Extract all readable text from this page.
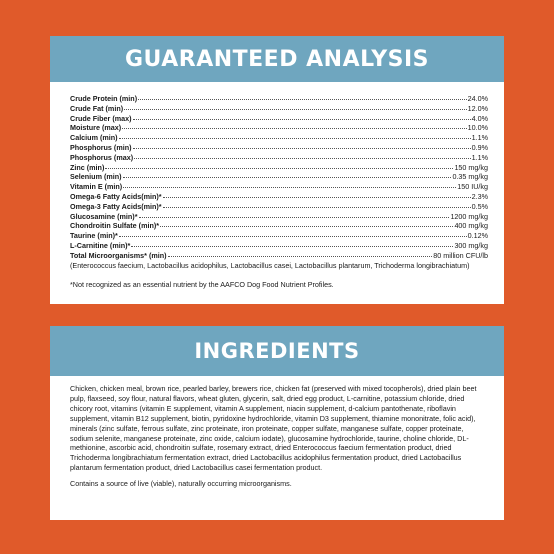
GUARANTEED ANALYSIS
Crude Protein (min)	24.0%
Crude Fat (min)	12.0%
Crude Fiber (max)	4.0%
Moisture (max)	10.0%
Calcium (min)	1.1%
Phosphorus (min)	0.9%
Phosphorus (max)	1.1%
Zinc (min)	150 mg/kg
Selenium (min)	0.35 mg/kg
Vitamin E (min)	150 IU/kg
Omega-6 Fatty Acids(min)*	2.3%
Omega-3 Fatty Acids(min)*	0.5%
Glucosamine (min)*	1200 mg/kg
Chondroitin Sulfate (min)*	400 mg/kg
Taurine (min)*	0.12%
L-Carnitine (min)*	300 mg/kg
Total Microorganisms* (min)	80 million CFU/lb

(Enterococcus faecium, Lactobacillus acidophilus, Lactobacillus casei, Lactobacillus plantarum, Trichoderma longibrachiatum)

*Not recognized as an essential nutrient by the AAFCO Dog Food Nutrient Profiles.

INGREDIENTS

Chicken, chicken meal, brown rice, pearled barley, brewers rice, chicken fat (preserved with mixed tocopherols), dried plain beet pulp, flaxseed, soy flour, natural flavors, wheat gluten, glycerin, salt, dried egg product, L-carnitine, potassium chloride, dried chicory root, vitamins (vitamin E supplement, vitamin A supplement, niacin supplement, d-calcium pantothenate, riboflavin supplement, vitamin B12 supplement, biotin, pyridoxine hydrochloride, vitamin D3 supplement, thiamine mononitrate, folic acid), minerals (zinc sulfate, ferrous sulfate, zinc proteinate, iron proteinate, copper sulfate, manganese sulfate, copper proteinate, sodium selenite, manganese proteinate, zinc oxide, calcium iodate), glucosamine hydrochloride, taurine, choline chloride, DL-methionine, ascorbic acid, chondroitin sulfate, rosemary extract, dried Enterococcus faecium fermentation product, dried Trichoderma longibrachiatum fermentation extract, dried Lactobacillus acidophilus fermentation product, dried Lactobacillus plantarum fermentation product, dried Lactobacillus casei fermentation product.

Contains a source of live (viable), naturally occurring microorganisms.
